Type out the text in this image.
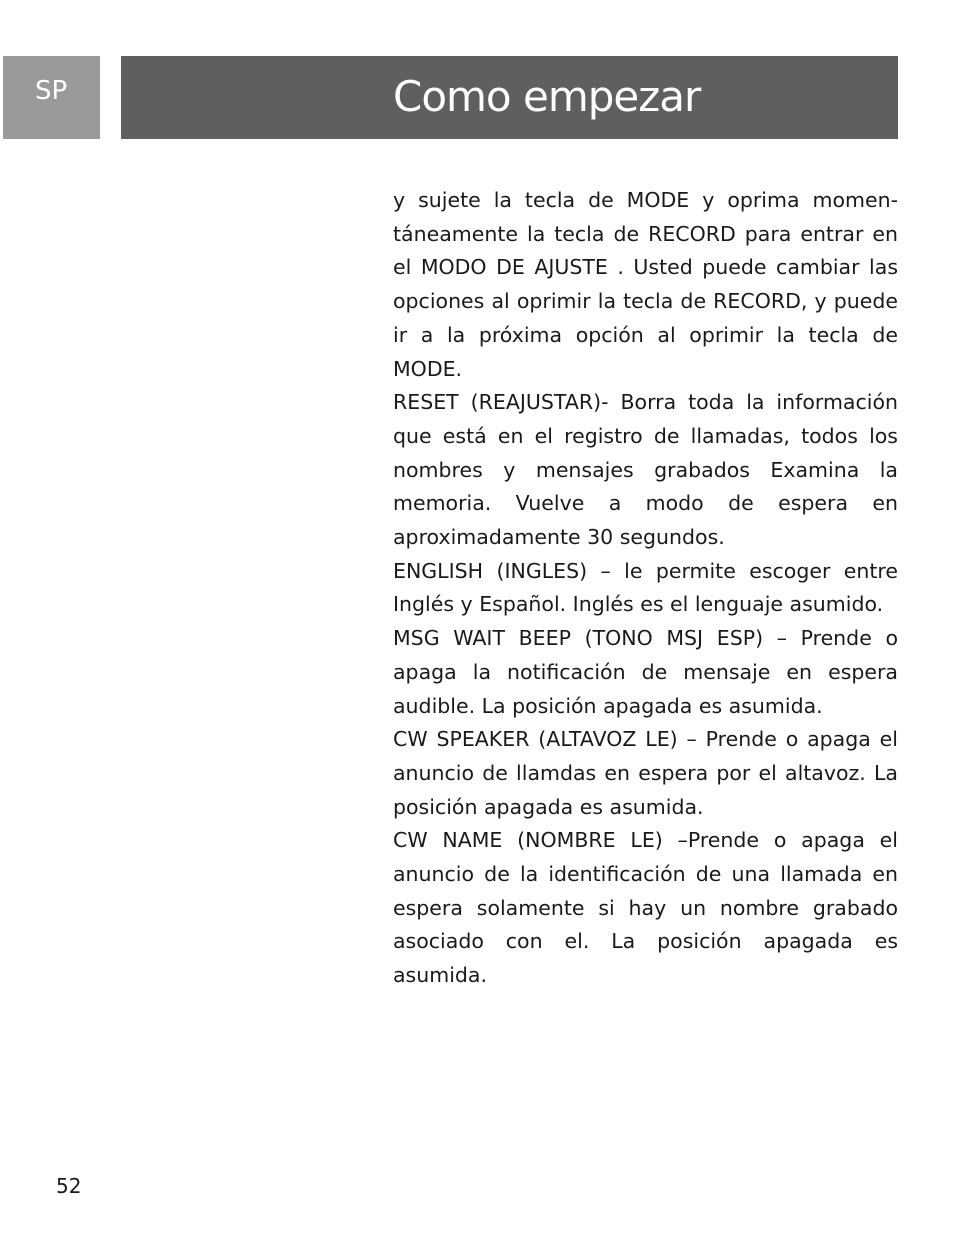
SP	Como empezar

y sujete la tecla de MODE y oprima momentáneamente la tecla de RECORD para entrar en el MODO DE AJUSTE . Usted puede cambiar las opciones al oprimir la tecla de RECORD, y puede ir a la próxima opción al oprimir la tecla de MODE.

RESET (REAJUSTAR)- Borra toda la información que está en el registro de llamadas, todos los nombres y mensajes grabados Examina la memoria. Vuelve a modo de espera en aproximadamente 30 segundos.

ENGLISH (INGLES) – le permite escoger entre Inglés y Español. Inglés es el lenguaje asumido.

MSG WAIT BEEP (TONO MSJ ESP) – Prende o apaga la notificación de mensaje en espera audible. La posición apagada es asumida.

CW SPEAKER (ALTAVOZ LE) – Prende o apaga el anuncio de llamdas en espera por el altavoz. La posición apagada es asumida.

CW NAME (NOMBRE LE) –Prende o apaga el anuncio de la identificación de una llamada en espera solamente si hay un nombre grabado asociado con el. La posición apagada es asumida.

52
